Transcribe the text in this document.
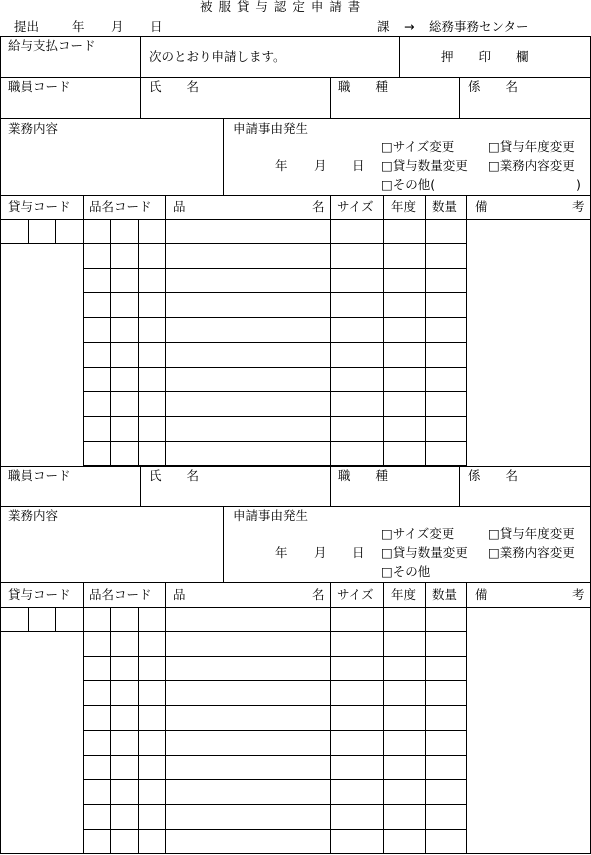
被 服 貸 与 認 定 申 請 書
提出	年 月 日	課 → 総務事務センター
給与支払コード
次のとおり申請します。	押　　印　　欄
職員コード	氏　　名	職　　種	係　　名
業務内容	申請事由発生
□サイズ変更	□貸与年度変更
年 月 日 □貸与数量変更 □業務内容変更
□その他(	)
貸与コード 品名コード 品	名 サイズ 年度 数量 備	考
職員コード	氏　　名	職　　種	係　　名
業務内容	申請事由発生
□サイズ変更	□貸与年度変更
年 月 日 □貸与数量変更 □業務内容変更
□その他
貸与コード 品名コード 品	名 サイズ 年度 数量 備	考
